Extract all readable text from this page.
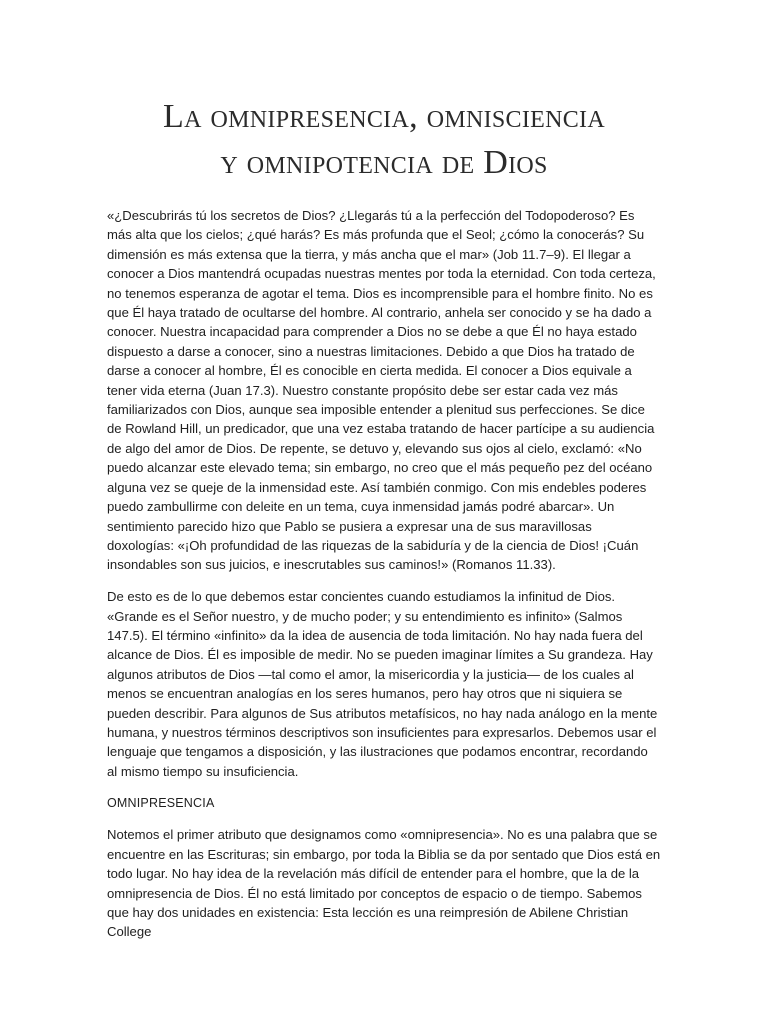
La omnipresencia, omnisciencia
y omnipotencia de Dios

«¿Descubrirás tú los secretos de Dios? ¿Llegarás tú a la perfección del Todopoderoso? Es más alta que los cielos; ¿qué harás? Es más profunda que el Seol; ¿cómo la conocerás? Su dimensión es más extensa que la tierra, y más ancha que el mar» (Job 11.7–9). El llegar a conocer a Dios mantendrá ocupadas nuestras mentes por toda la eternidad. Con toda certeza, no tenemos esperanza de agotar el tema. Dios es incomprensible para el hombre finito. No es que Él haya tratado de ocultarse del hombre. Al contrario, anhela ser conocido y se ha dado a conocer. Nuestra incapacidad para comprender a Dios no se debe a que Él no haya estado dispuesto a darse a conocer, sino a nuestras limitaciones. Debido a que Dios ha tratado de darse a conocer al hombre, Él es conocible en cierta medida. El conocer a Dios equivale a tener vida eterna (Juan 17.3). Nuestro constante propósito debe ser estar cada vez más familiarizados con Dios, aunque sea imposible entender a plenitud sus perfecciones. Se dice de Rowland Hill, un predicador, que una vez estaba tratando de hacer partícipe a su audiencia de algo del amor de Dios. De repente, se detuvo y, elevando sus ojos al cielo, exclamó: «No puedo alcanzar este elevado tema; sin embargo, no creo que el más pequeño pez del océano alguna vez se queje de la inmensidad este. Así también conmigo. Con mis endebles poderes puedo zambullirme con deleite en un tema, cuya inmensidad jamás podré abarcar». Un sentimiento parecido hizo que Pablo se pusiera a expresar una de sus maravillosas doxologías: «¡Oh profundidad de las riquezas de la sabiduría y de la ciencia de Dios! ¡Cuán insondables son sus juicios, e inescrutables sus caminos!» (Romanos 11.33).

De esto es de lo que debemos estar concientes cuando estudiamos la infinitud de Dios. «Grande es el Señor nuestro, y de mucho poder; y su entendimiento es infinito» (Salmos 147.5). El término «infinito» da la idea de ausencia de toda limitación. No hay nada fuera del alcance de Dios. Él es imposible de medir. No se pueden imaginar límites a Su grandeza. Hay algunos atributos de Dios —tal como el amor, la misericordia y la justicia— de los cuales al menos se encuentran analogías en los seres humanos, pero hay otros que ni siquiera se pueden describir. Para algunos de Sus atributos metafísicos, no hay nada análogo en la mente humana, y nuestros términos descriptivos son insuficientes para expresarlos. Debemos usar el lenguaje que tengamos a disposición, y las ilustraciones que podamos encontrar, recordando al mismo tiempo su insuficiencia.

OMNIPRESENCIA

Notemos el primer atributo que designamos como «omnipresencia». No es una palabra que se encuentre en las Escrituras; sin embargo, por toda la Biblia se da por sentado que Dios está en todo lugar. No hay idea de la revelación más difícil de entender para el hombre, que la de la omnipresencia de Dios. Él no está limitado por conceptos de espacio o de tiempo. Sabemos que hay dos unidades en existencia: Esta lección es una reimpresión de Abilene Christian College
